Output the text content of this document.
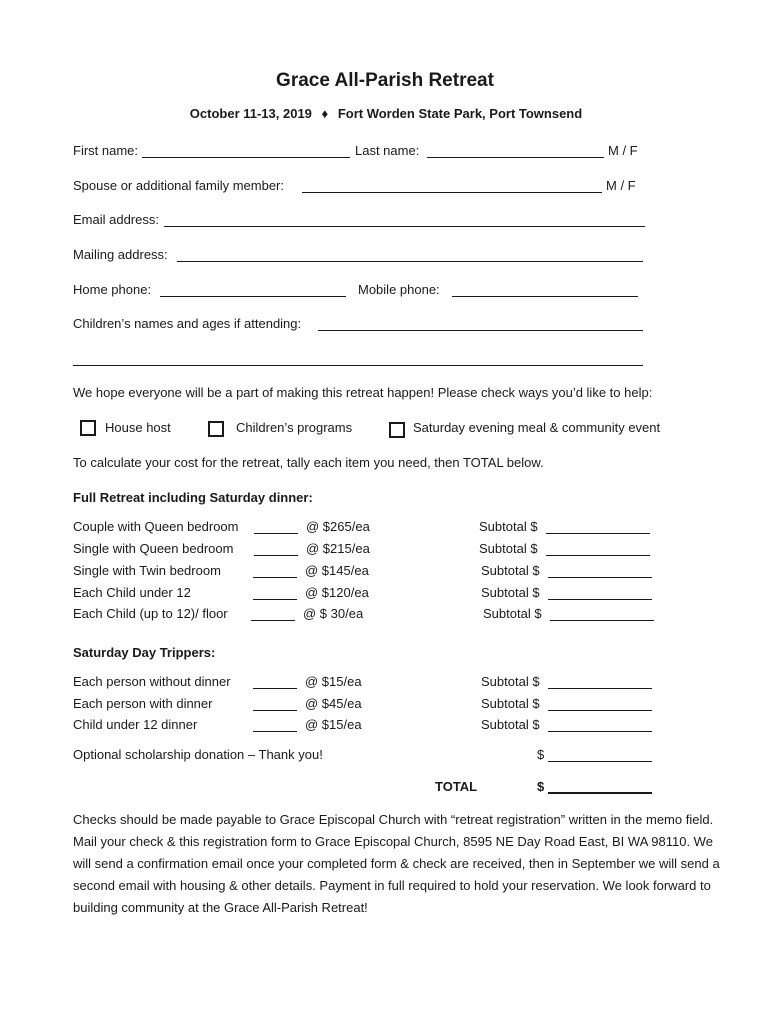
Grace All-Parish Retreat
October 11-13, 2019 ♦ Fort Worden State Park, Port Townsend
First name:	Last name:	M / F
Spouse or additional family member:	M / F
Email address:
Mailing address:
Home phone:	Mobile phone:
Children’s names and ages if attending:
We hope everyone will be a part of making this retreat happen! Please check ways you’d like to help:
House host	Children’s programs	Saturday evening meal & community event
To calculate your cost for the retreat, tally each item you need, then TOTAL below.
Full Retreat including Saturday dinner:
Couple with Queen bedroom	@ $265/ea	Subtotal $
Single with Queen bedroom	@ $215/ea	Subtotal $
Single with Twin bedroom	@ $145/ea	Subtotal $
Each Child under 12	@ $120/ea	Subtotal $
Each Child (up to 12)/ floor	@ $ 30/ea	Subtotal $
Saturday Day Trippers:
Each person without dinner	@ $15/ea	Subtotal $
Each person with dinner	@ $45/ea	Subtotal $
Child under 12 dinner	@ $15/ea	Subtotal $
Optional scholarship donation – Thank you!	$
TOTAL	$
Checks should be made payable to Grace Episcopal Church with “retreat registration” written in the memo field. Mail your check & this registration form to Grace Episcopal Church, 8595 NE Day Road East, BI WA 98110. We will send a confirmation email once your completed form & check are received, then in September we will send a second email with housing & other details. Payment in full required to hold your reservation. We look forward to building community at the Grace All-Parish Retreat!
